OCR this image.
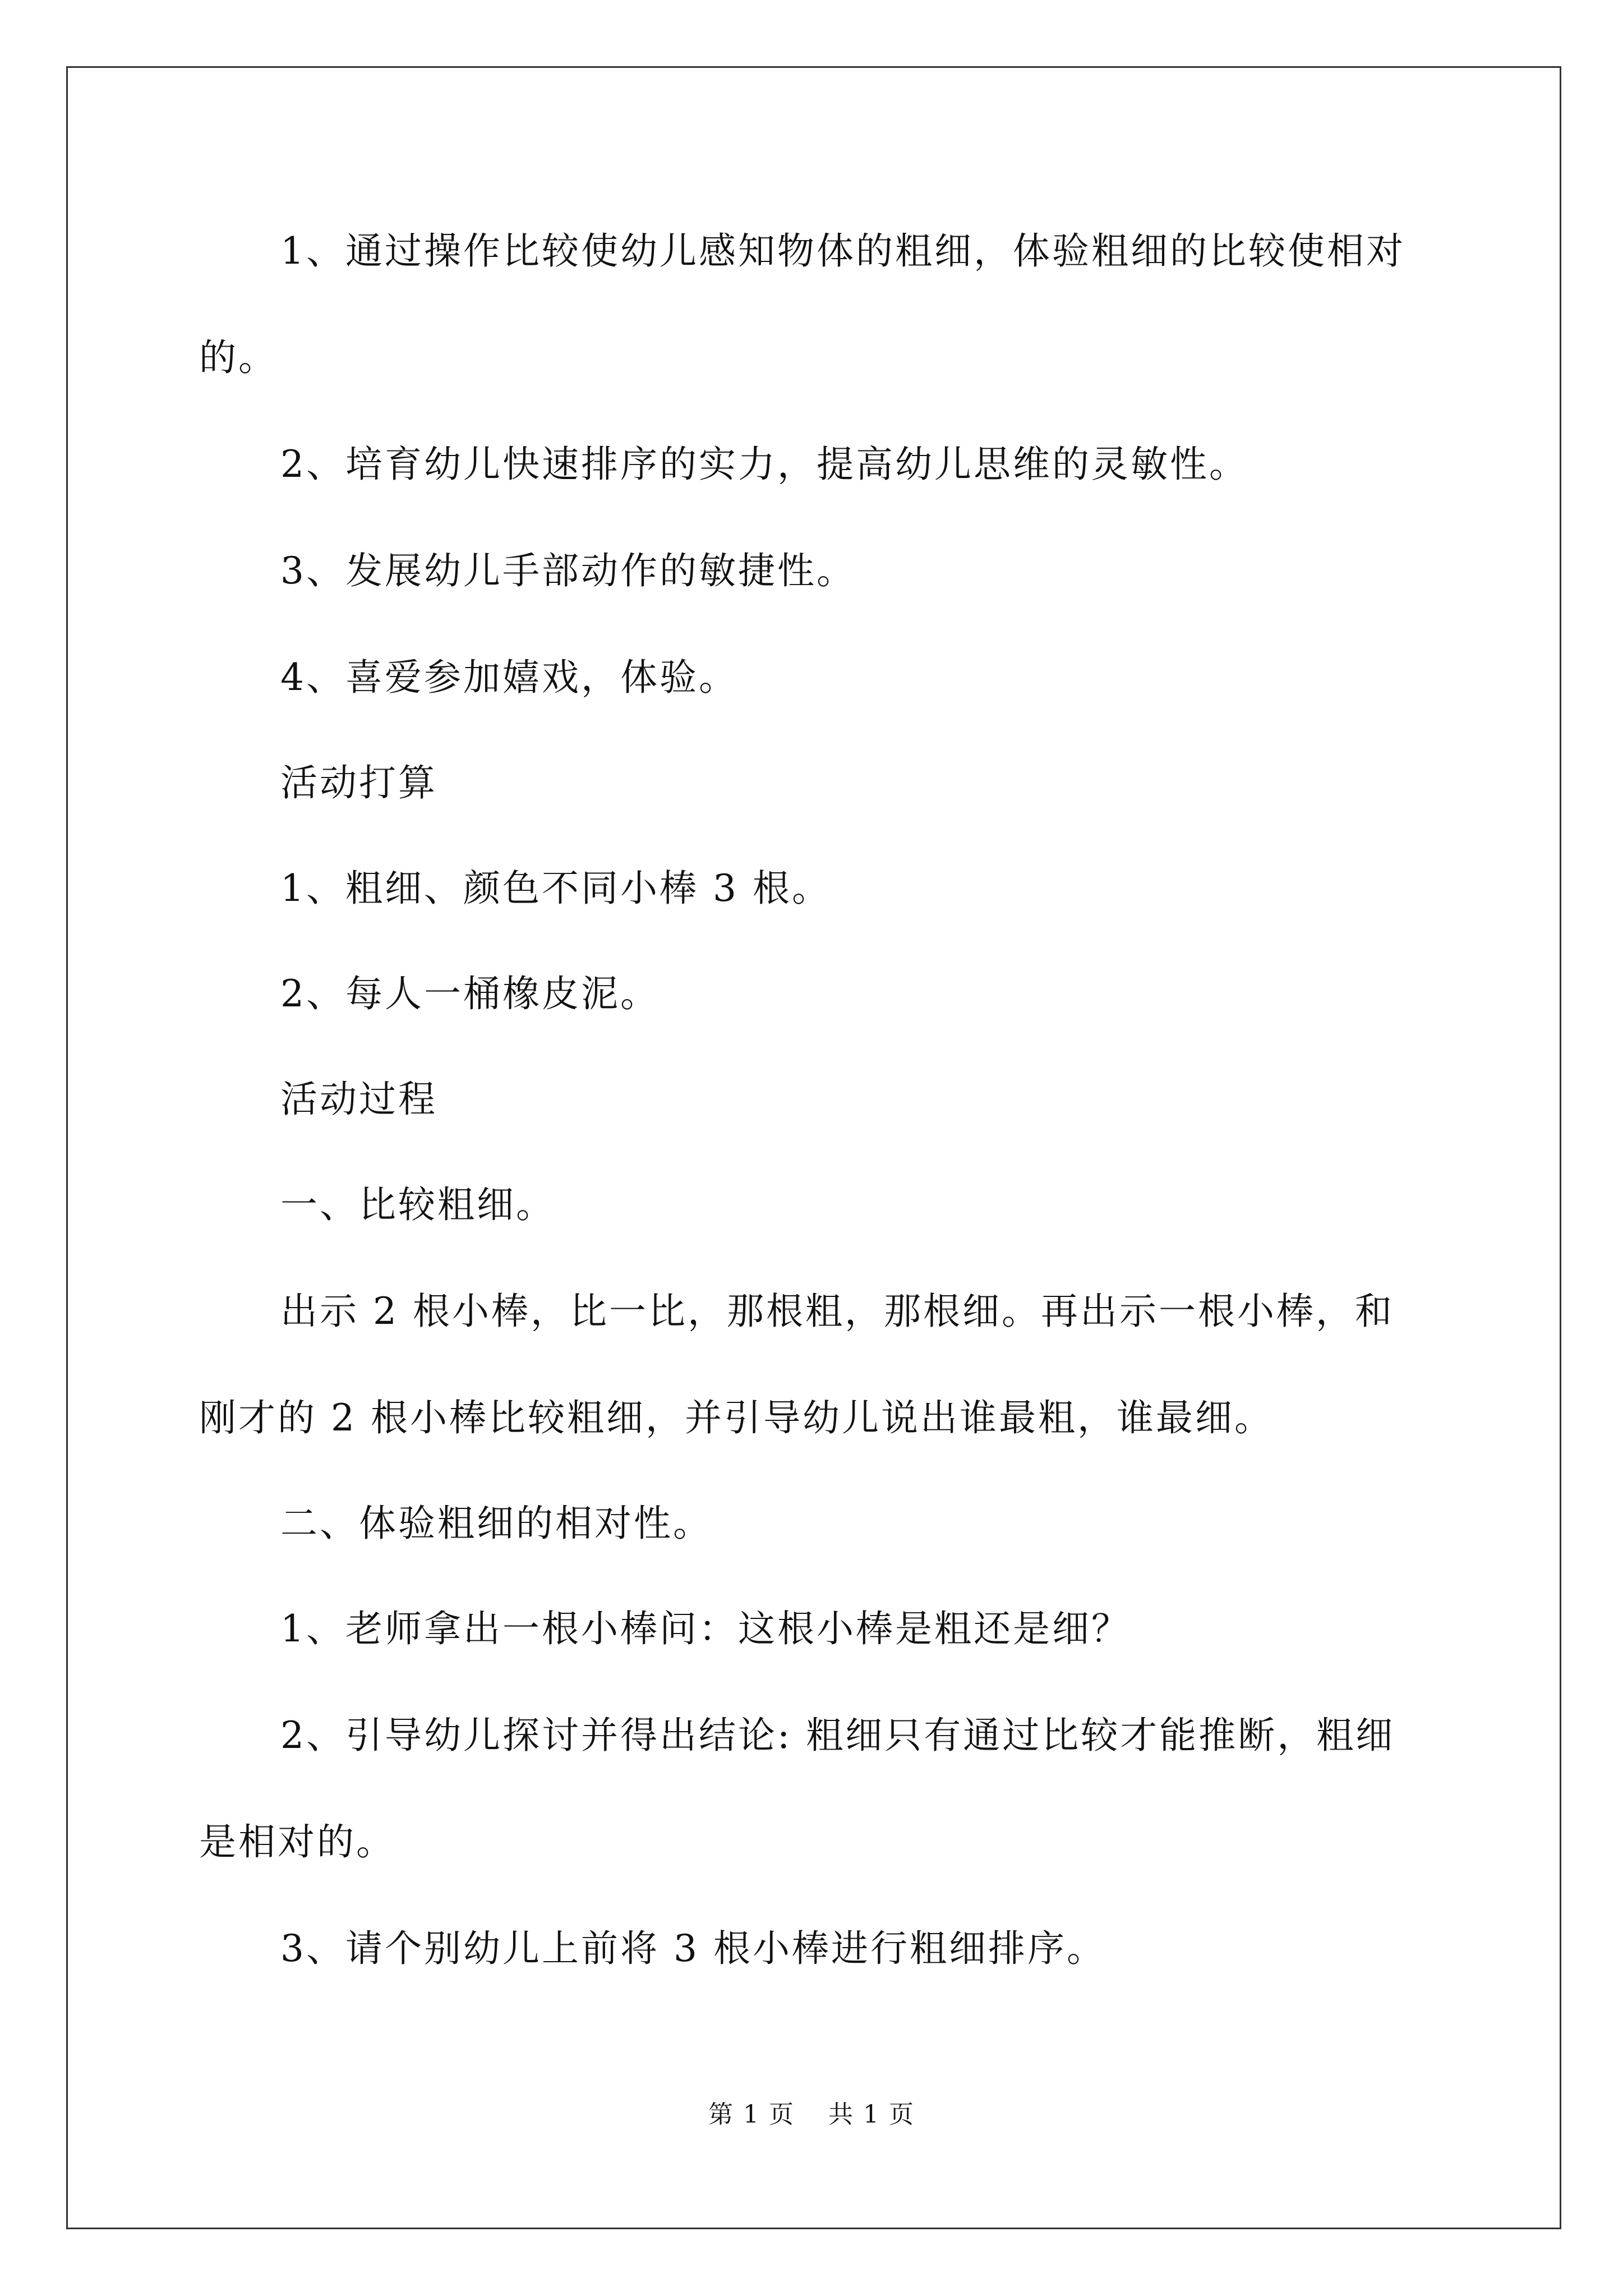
1、通过操作比较使幼儿感知物体的粗细，体验粗细的比较使相对
的。
2、培育幼儿快速排序的实力，提高幼儿思维的灵敏性。
3、发展幼儿手部动作的敏捷性。
4、喜爱参加嬉戏，体验。
活动打算
1、粗细、颜色不同小棒 3 根。
2、每人一桶橡皮泥。
活动过程
一、比较粗细。
出示 2 根小棒，比一比，那根粗，那根细。再出示一根小棒，和
刚才的 2 根小棒比较粗细，并引导幼儿说出谁最粗，谁最细。
二、体验粗细的相对性。
1、老师拿出一根小棒问：这根小棒是粗还是细？
2、引导幼儿探讨并得出结论: 粗细只有通过比较才能推断，粗细
是相对的。
3、请个别幼儿上前将 3 根小棒进行粗细排序。
第 1 页 共 1 页
